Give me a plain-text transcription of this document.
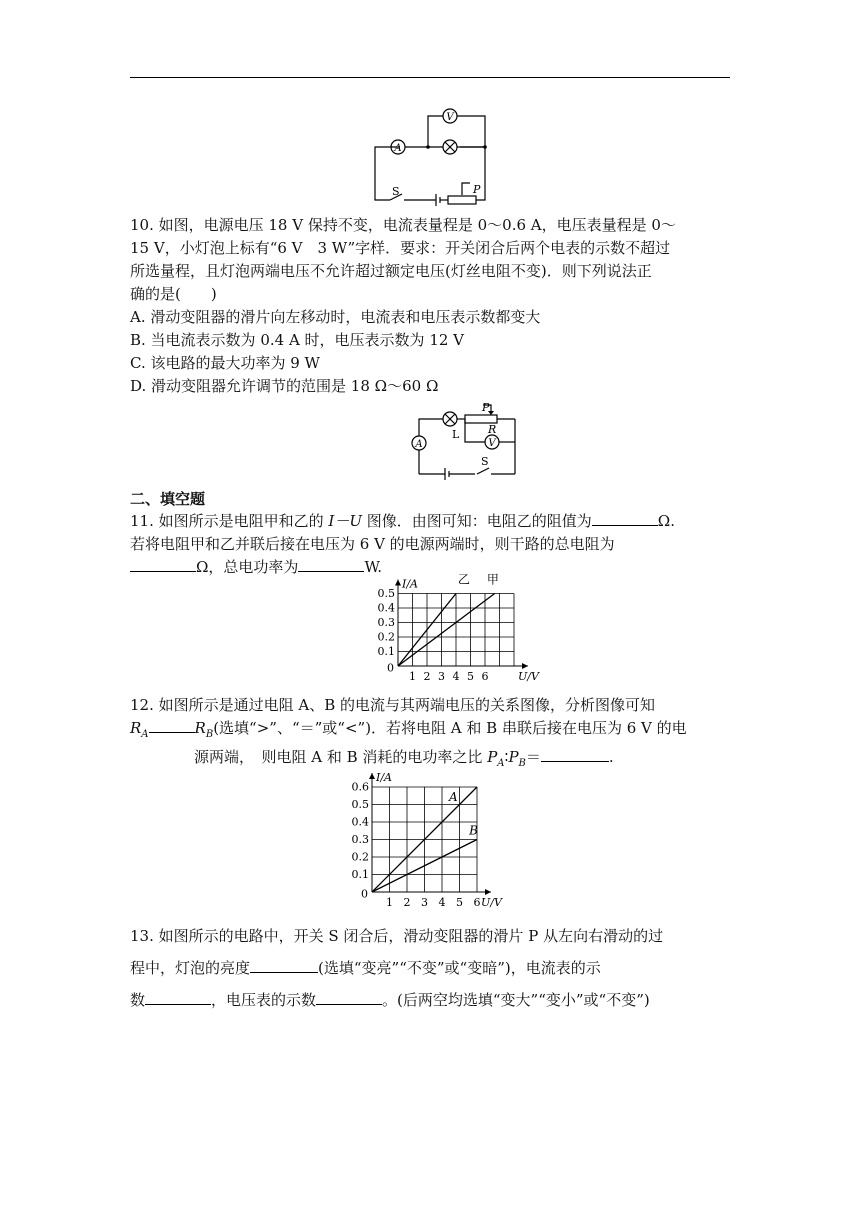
A
V
S	P
10. 如图，电源电压 18 V 保持不变，电流表量程是 0～0.6 A，电压表量程是 0～
15 V，小灯泡上标有“6 V　3 W”字样．要求：开关闭合后两个电表的示数不超过
所选量程，且灯泡两端电压不允许超过额定电压(灯丝电阻不变)．则下列说法正
确的是(　　)
A. 滑动变阻器的滑片向左移动时，电流表和电压表示数都变大
B. 当电流表示数为 0.4 A 时，电压表示数为 12 V
C. 该电路的最大功率为 9 W
D. 滑动变阻器允许调节的范围是 18 Ω～60 Ω
A	V
L	R
P
S
二、填空题
11. 如图所示是电阻甲和乙的 I－U 图像．由图可知：电阻乙的阻值为	Ω.
若将电阻甲和乙并联后接在电压为 6 V 的电源两端时，则干路的总电阻为
Ω，总电功率为	W.
1 2 3 4 5 6
0.5
0.4
0.3
0.2
0.1
0
I/A
U/V
乙 甲
12. 如图所示是通过电阻 A、B 的电流与其两端电压的关系图像，分析图像可知
$R_A$	$R_B$(选填“>”、“＝”或“<”)．若将电阻 A 和 B 串联后接在电压为 6 V 的电
源两端，　则电阻 A 和 B 消耗的电功率之比 $P_A∶P_B=$	.
1 2 3 4 5 6
0.6
0.5
0.4
0.3
0.2
0.1
0
I/A
U/V
A
B
13. 如图所示的电路中，开关 S 闭合后，滑动变阻器的滑片 P 从左向右滑动的过
程中，灯泡的亮度	(选填“变亮”“不变”或“变暗”)，电流表的示
数	，电压表的示数	。(后两空均选填“变大”“变小”或“不变”)
